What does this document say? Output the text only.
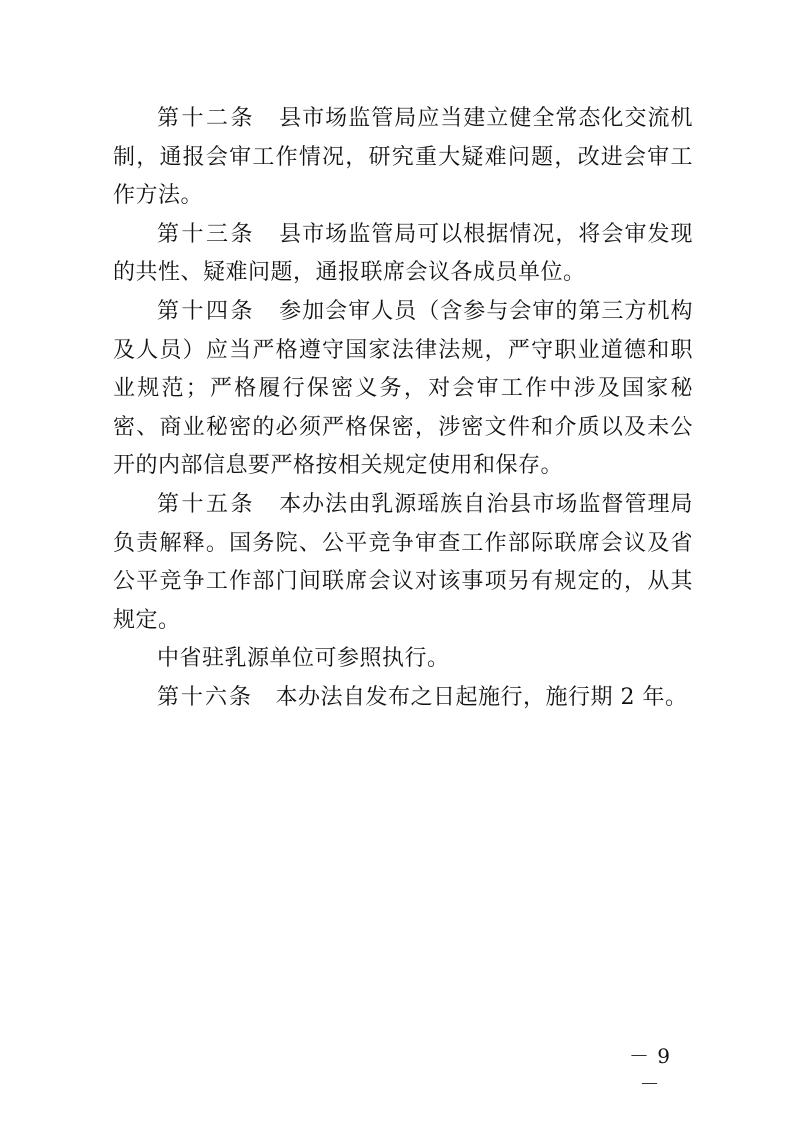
第十二条 县市场监管局应当建立健全常态化交流机制，通报会审工作情况，研究重大疑难问题，改进会审工作方法。

第十三条 县市场监管局可以根据情况，将会审发现的共性、疑难问题，通报联席会议各成员单位。

第十四条 参加会审人员（含参与会审的第三方机构及人员）应当严格遵守国家法律法规，严守职业道德和职业规范；严格履行保密义务，对会审工作中涉及国家秘密、商业秘密的必须严格保密，涉密文件和介质以及未公开的内部信息要严格按相关规定使用和保存。

第十五条 本办法由乳源瑶族自治县市场监督管理局负责解释。国务院、公平竞争审查工作部际联席会议及省公平竞争工作部门间联席会议对该事项另有规定的，从其规定。

中省驻乳源单位可参照执行。

第十六条 本办法自发布之日起施行，施行期 2 年。

－ 9 －
